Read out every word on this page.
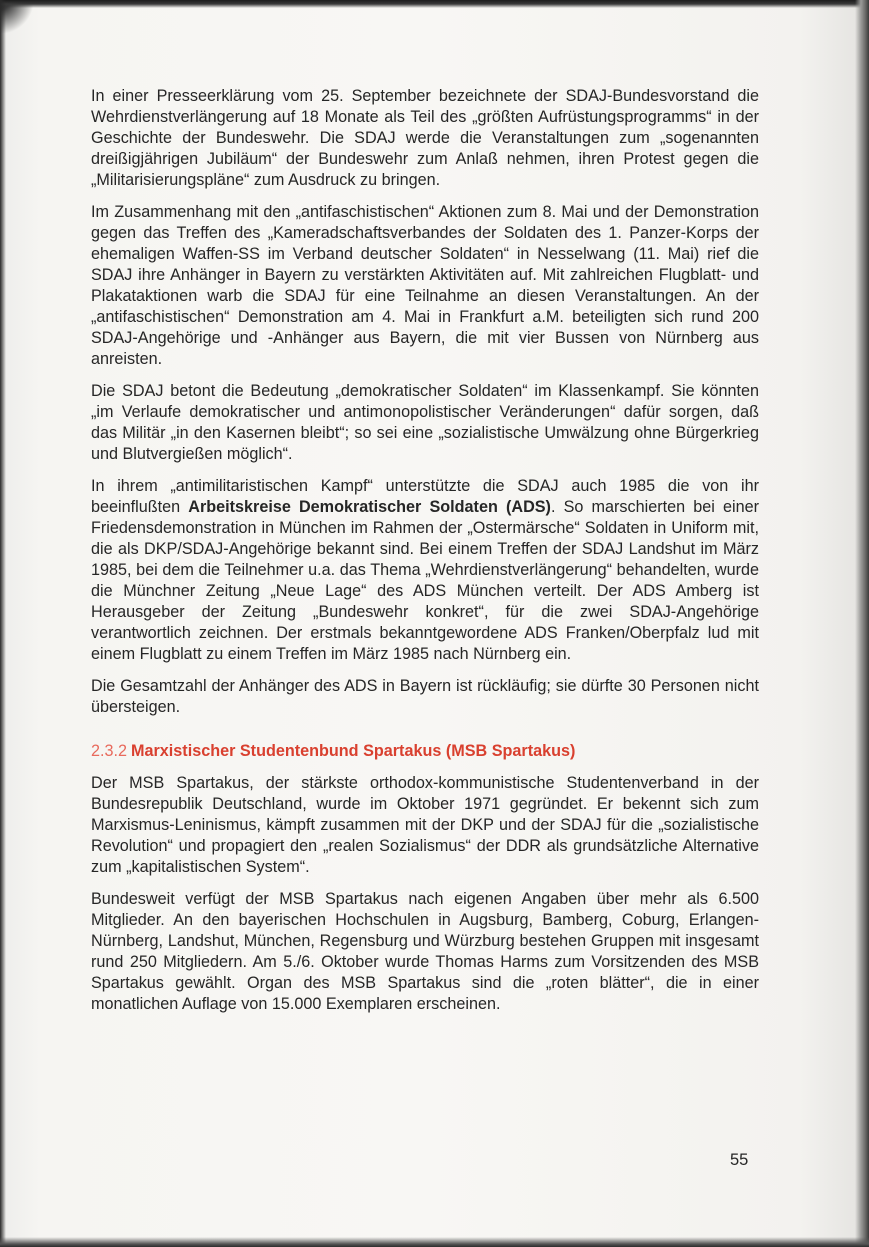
In einer Presseerklärung vom 25. September bezeichnete der SDAJ-Bundesvorstand die Wehrdienstverlängerung auf 18 Monate als Teil des „größten Aufrüstungsprogramms“ in der Geschichte der Bundeswehr. Die SDAJ werde die Veranstaltungen zum „sogenannten dreißigjährigen Jubiläum“ der Bundeswehr zum Anlaß nehmen, ihren Protest gegen die „Militarisierungspläne“ zum Ausdruck zu bringen.

Im Zusammenhang mit den „antifaschistischen“ Aktionen zum 8. Mai und der Demonstration gegen das Treffen des „Kameradschaftsverbandes der Soldaten des 1. Panzer-Korps der ehemaligen Waffen-SS im Verband deutscher Soldaten“ in Nesselwang (11. Mai) rief die SDAJ ihre Anhänger in Bayern zu verstärkten Aktivitäten auf. Mit zahlreichen Flugblatt- und Plakataktionen warb die SDAJ für eine Teilnahme an diesen Veranstaltungen. An der „antifaschistischen“ Demonstration am 4. Mai in Frankfurt a.M. beteiligten sich rund 200 SDAJ-Angehörige und -Anhänger aus Bayern, die mit vier Bussen von Nürnberg aus anreisten.

Die SDAJ betont die Bedeutung „demokratischer Soldaten“ im Klassenkampf. Sie könnten „im Verlaufe demokratischer und antimonopolistischer Veränderungen“ dafür sorgen, daß das Militär „in den Kasernen bleibt“; so sei eine „sozialistische Umwälzung ohne Bürgerkrieg und Blutvergießen möglich“.

In ihrem „antimilitaristischen Kampf“ unterstützte die SDAJ auch 1985 die von ihr beeinflußten Arbeitskreise Demokratischer Soldaten (ADS). So marschierten bei einer Friedensdemonstration in München im Rahmen der „Ostermärsche“ Soldaten in Uniform mit, die als DKP/SDAJ-Angehörige bekannt sind. Bei einem Treffen der SDAJ Landshut im März 1985, bei dem die Teilnehmer u.a. das Thema „Wehrdienstverlängerung“ behandelten, wurde die Münchner Zeitung „Neue Lage“ des ADS München verteilt. Der ADS Amberg ist Herausgeber der Zeitung „Bundeswehr konkret“, für die zwei SDAJ-Angehörige verantwortlich zeichnen. Der erstmals bekanntgewordene ADS Franken/Oberpfalz lud mit einem Flugblatt zu einem Treffen im März 1985 nach Nürnberg ein.

Die Gesamtzahl der Anhänger des ADS in Bayern ist rückläufig; sie dürfte 30 Personen nicht übersteigen.

2.3.2 Marxistischer Studentenbund Spartakus (MSB Spartakus)

Der MSB Spartakus, der stärkste orthodox-kommunistische Studentenverband in der Bundesrepublik Deutschland, wurde im Oktober 1971 gegründet. Er bekennt sich zum Marxismus-Leninismus, kämpft zusammen mit der DKP und der SDAJ für die „sozialistische Revolution“ und propagiert den „realen Sozialismus“ der DDR als grundsätzliche Alternative zum „kapitalistischen System“.

Bundesweit verfügt der MSB Spartakus nach eigenen Angaben über mehr als 6.500 Mitglieder. An den bayerischen Hochschulen in Augsburg, Bamberg, Coburg, Erlangen-Nürnberg, Landshut, München, Regensburg und Würzburg bestehen Gruppen mit insgesamt rund 250 Mitgliedern. Am 5./6. Oktober wurde Thomas Harms zum Vorsitzenden des MSB Spartakus gewählt. Organ des MSB Spartakus sind die „roten blätter“, die in einer monatlichen Auflage von 15.000 Exemplaren erscheinen.

55
